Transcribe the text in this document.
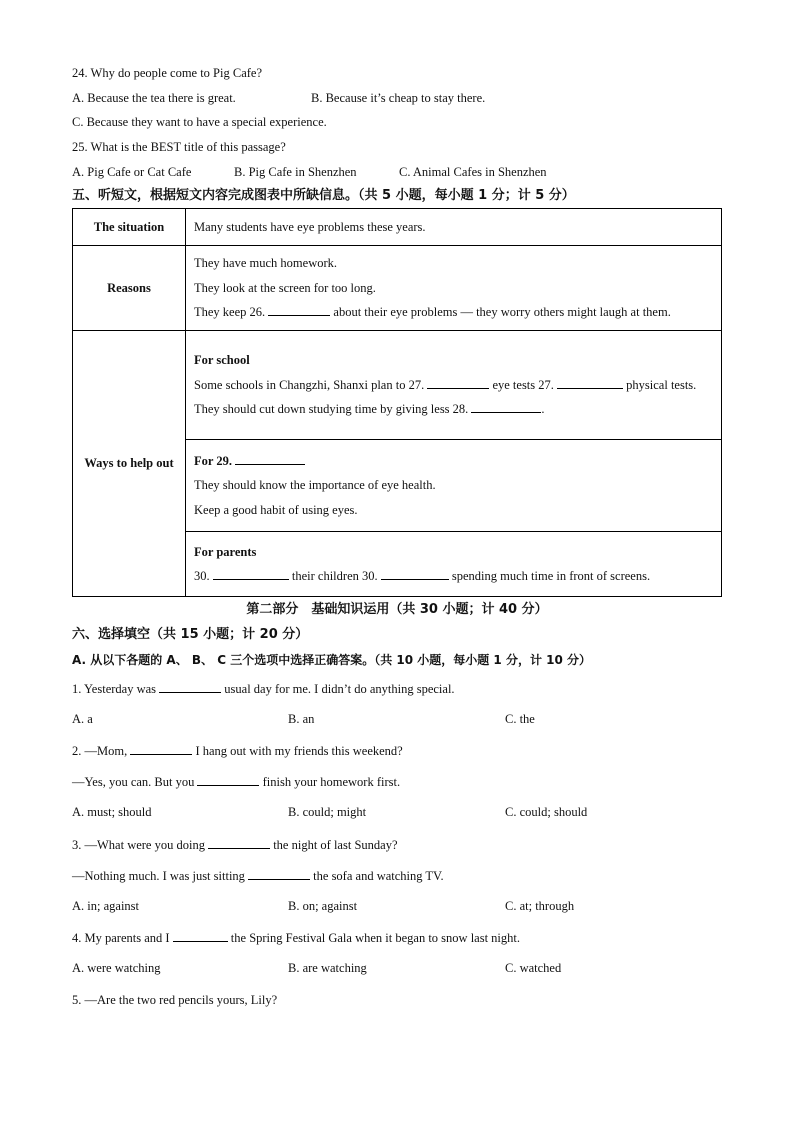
24. Why do people come to Pig Cafe?
A. Because the tea there is great.	B. Because it’s cheap to stay there.
C. Because they want to have a special experience.
25. What is the BEST title of this passage?
A. Pig Cafe or Cat Cafe	B. Pig Cafe in Shenzhen	C. Animal Cafes in Shenzhen
五、听短文，根据短文内容完成图表中所缺信息。（共 5 小题，每小题 1 分；计 5 分）
The situation	Many students have eye problems these years.

Reasons	They have much homework.
They look at the screen for too long.
They keep 26. about their eye problems — they worry others might laugh at them.

Ways to help out	For school
Some schools in Changzhi, Shanxi plan to 27. eye tests 27. physical tests.
They should cut down studying time by giving less 28. .

	For 29.
They should know the importance of eye health.
Keep a good habit of using eyes.

	For parents
30. their children 30. spending much time in front of screens.
第二部分　基础知识运用（共 30 小题；计 40 分）
六、选择填空（共 15 小题；计 20 分）
A. 从以下各题的 A、 B、 C 三个选项中选择正确答案。（共 10 小题，每小题 1 分，计 10 分）
1. Yesterday was	usual day for me. I didn’t do anything special.
A. a	B. an	C. the
2. —Mom,	I hang out with my friends this weekend?
—Yes, you can. But you	finish your homework first.
A. must; should	B. could; might	C. could; should
3. —What were you doing	the night of last Sunday?
—Nothing much. I was just sitting	the sofa and watching TV.
A. in; against	B. on; against	C. at; through
4. My parents and I	the Spring Festival Gala when it began to snow last night.
A. were watching	B. are watching	C. watched
5. —Are the two red pencils yours, Lily?
